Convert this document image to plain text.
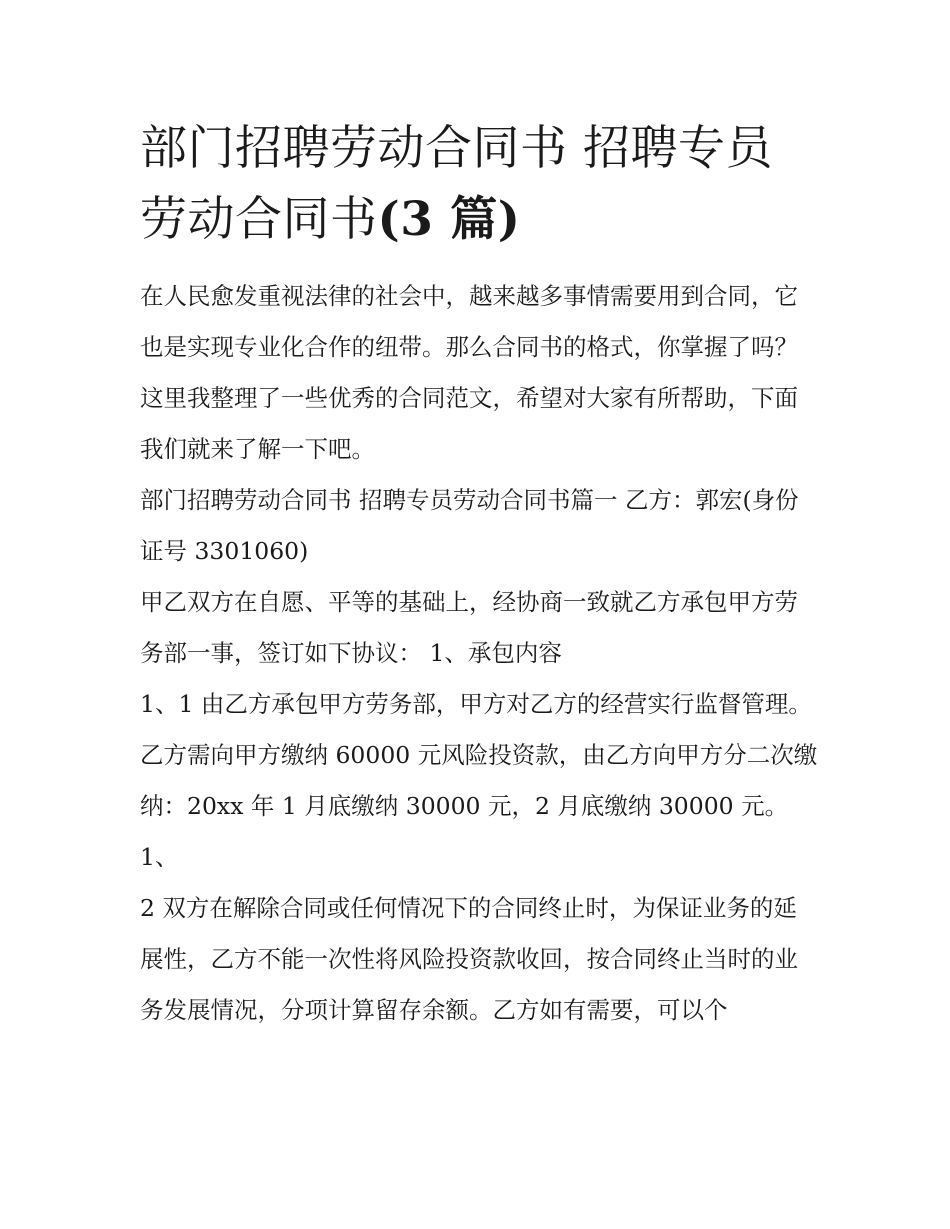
部门招聘劳动合同书 招聘专员劳动合同书(3 篇)

在人民愈发重视法律的社会中，越来越多事情需要用到合同，它也是实现专业化合作的纽带。那么合同书的格式，你掌握了吗？这里我整理了一些优秀的合同范文，希望对大家有所帮助，下面我们就来了解一下吧。

部门招聘劳动合同书 招聘专员劳动合同书篇一 乙方：郭宏(身份证号 3301060)

甲乙双方在自愿、平等的基础上，经协商一致就乙方承包甲方劳务部一事，签订如下协议： 1、承包内容

1、1 由乙方承包甲方劳务部，甲方对乙方的经营实行监督管理。乙方需向甲方缴纳 60000 元风险投资款，由乙方向甲方分二次缴纳：20xx 年 1 月底缴纳 30000 元，2 月底缴纳 30000 元。

1、

2 双方在解除合同或任何情况下的合同终止时，为保证业务的延展性，乙方不能一次性将风险投资款收回，按合同终止当时的业务发展情况，分项计算留存余额。乙方如有需要，可以个
